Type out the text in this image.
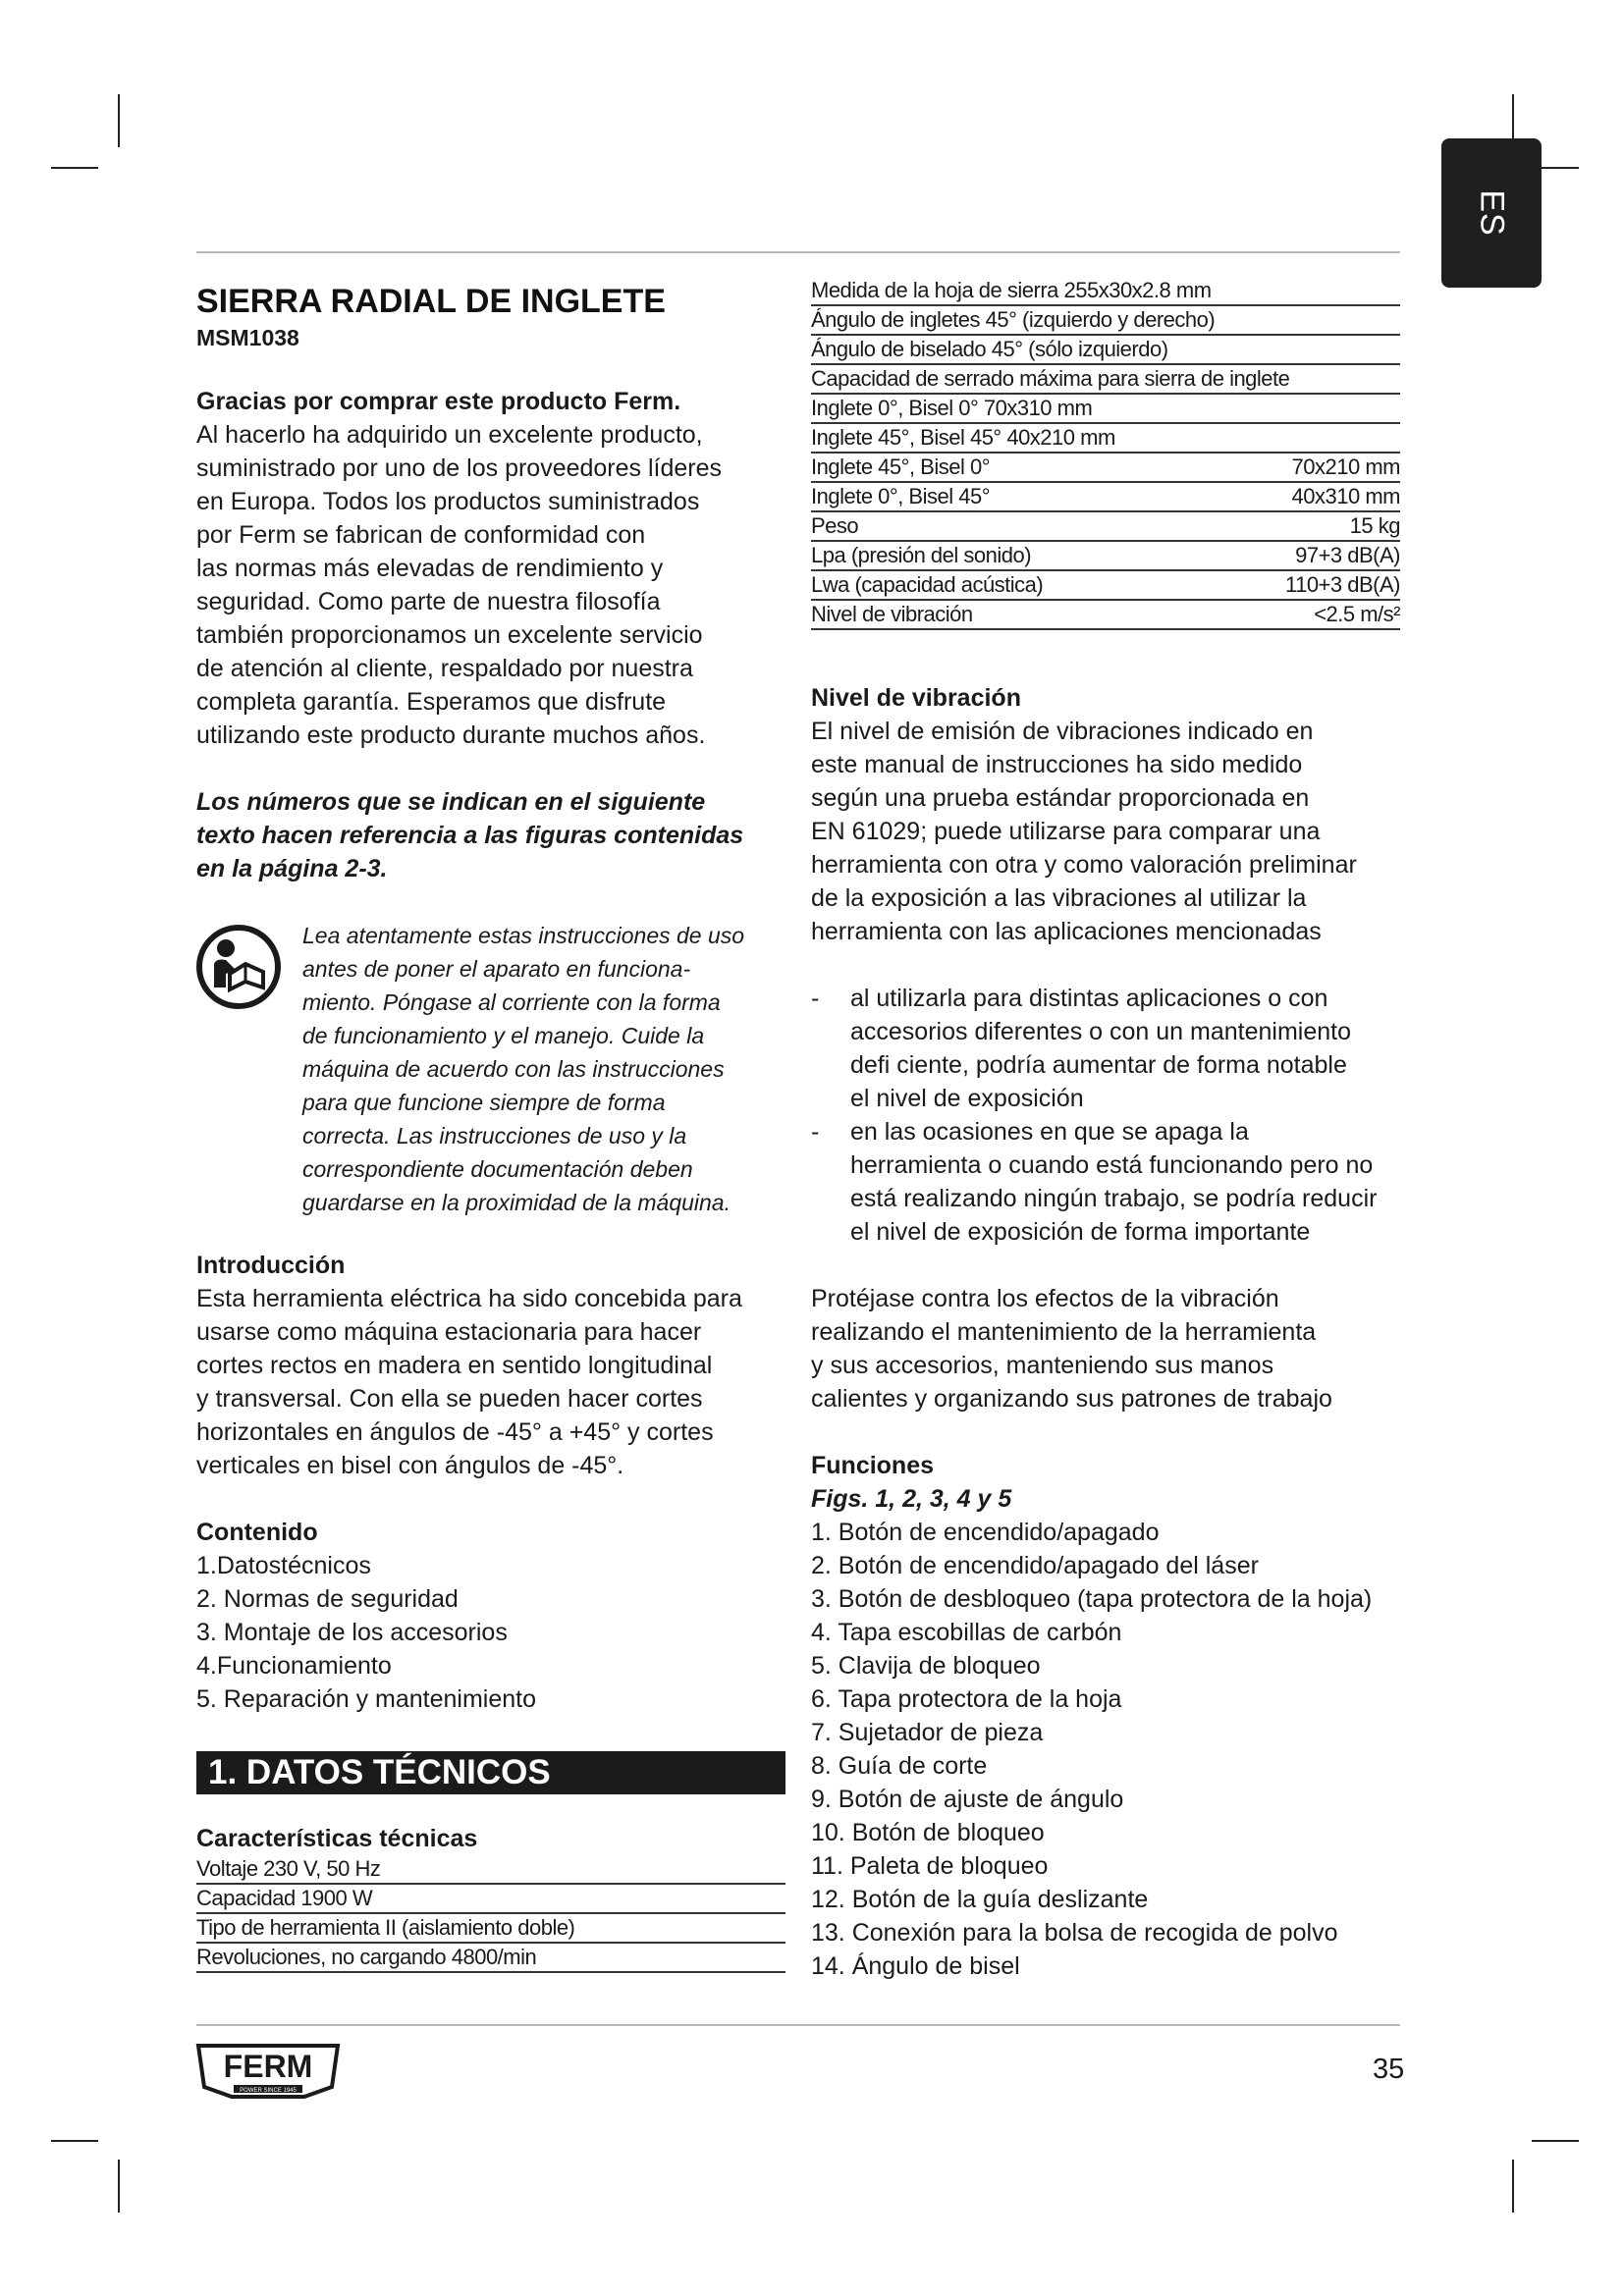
ES
SIERRA RADIAL DE INGLETE
MSM1038
Gracias por comprar este producto Ferm.
Al hacerlo ha adquirido un excelente producto,
suministrado por uno de los proveedores líderes
en Europa. Todos los productos suministrados
por Ferm se fabrican de conformidad con
las normas más elevadas de rendimiento y
seguridad. Como parte de nuestra filosofía
también proporcionamos un excelente servicio
de atención al cliente, respaldado por nuestra
completa garantía. Esperamos que disfrute
utilizando este producto durante muchos años.
Los números que se indican en el siguiente
texto hacen referencia a las figuras contenidas
en la página 2-3.
Lea atentamente estas instrucciones de uso
antes de poner el aparato en funciona-
miento. Póngase al corriente con la forma
de funcionamiento y el manejo. Cuide la
máquina de acuerdo con las instrucciones
para que funcione siempre de forma
correcta. Las instrucciones de uso y la
correspondiente documentación deben
guardarse en la proximidad de la máquina.
Introducción
Esta herramienta eléctrica ha sido concebida para
usarse como máquina estacionaria para hacer
cortes rectos en madera en sentido longitudinal
y transversal. Con ella se pueden hacer cortes
horizontales en ángulos de -45° a +45° y cortes
verticales en bisel con ángulos de -45°.
Contenido
1.Datostécnicos
2. Normas de seguridad
3. Montaje de los accesorios
4.Funcionamiento
5. Reparación y mantenimiento
1. DATOS TÉCNICOS
Características técnicas
Voltaje 230 V, 50 Hz
Capacidad 1900 W
Tipo de herramienta II (aislamiento doble)
Revoluciones, no cargando 4800/min
Medida de la hoja de sierra 255x30x2.8 mm
Ángulo de ingletes 45° (izquierdo y derecho)
Ángulo de biselado 45° (sólo izquierdo)
Capacidad de serrado máxima para sierra de inglete
Inglete 0°, Bisel 0° 70x310 mm
Inglete 45°, Bisel 45° 40x210 mm
Inglete 45°, Bisel 0°	70x210 mm
Inglete 0°, Bisel 45°	40x310 mm
Peso	15 kg
Lpa (presión del sonido)	97+3 dB(A)
Lwa (capacidad acústica)	110+3 dB(A)
Nivel de vibración	<2.5 m/s²
Nivel de vibración
El nivel de emisión de vibraciones indicado en
este manual de instrucciones ha sido medido
según una prueba estándar proporcionada en
EN 61029; puede utilizarse para comparar una
herramienta con otra y como valoración preliminar
de la exposición a las vibraciones al utilizar la
herramienta con las aplicaciones mencionadas
-	al utilizarla para distintas aplicaciones o con
accesorios diferentes o con un mantenimiento
defi ciente, podría aumentar de forma notable
el nivel de exposición
-	en las ocasiones en que se apaga la
herramienta o cuando está funcionando pero no
está realizando ningún trabajo, se podría reducir
el nivel de exposición de forma importante
Protéjase contra los efectos de la vibración
realizando el mantenimiento de la herramienta
y sus accesorios, manteniendo sus manos
calientes y organizando sus patrones de trabajo
Funciones
Figs. 1, 2, 3, 4 y 5
1. Botón de encendido/apagado
2. Botón de encendido/apagado del láser
3. Botón de desbloqueo (tapa protectora de la hoja)
4. Tapa escobillas de carbón
5. Clavija de bloqueo
6. Tapa protectora de la hoja
7. Sujetador de pieza
8. Guía de corte
9. Botón de ajuste de ángulo
10. Botón de bloqueo
11. Paleta de bloqueo
12. Botón de la guía deslizante
13. Conexión para la bolsa de recogida de polvo
14. Ángulo de bisel
FERM
POWER SINCE 1945
35
